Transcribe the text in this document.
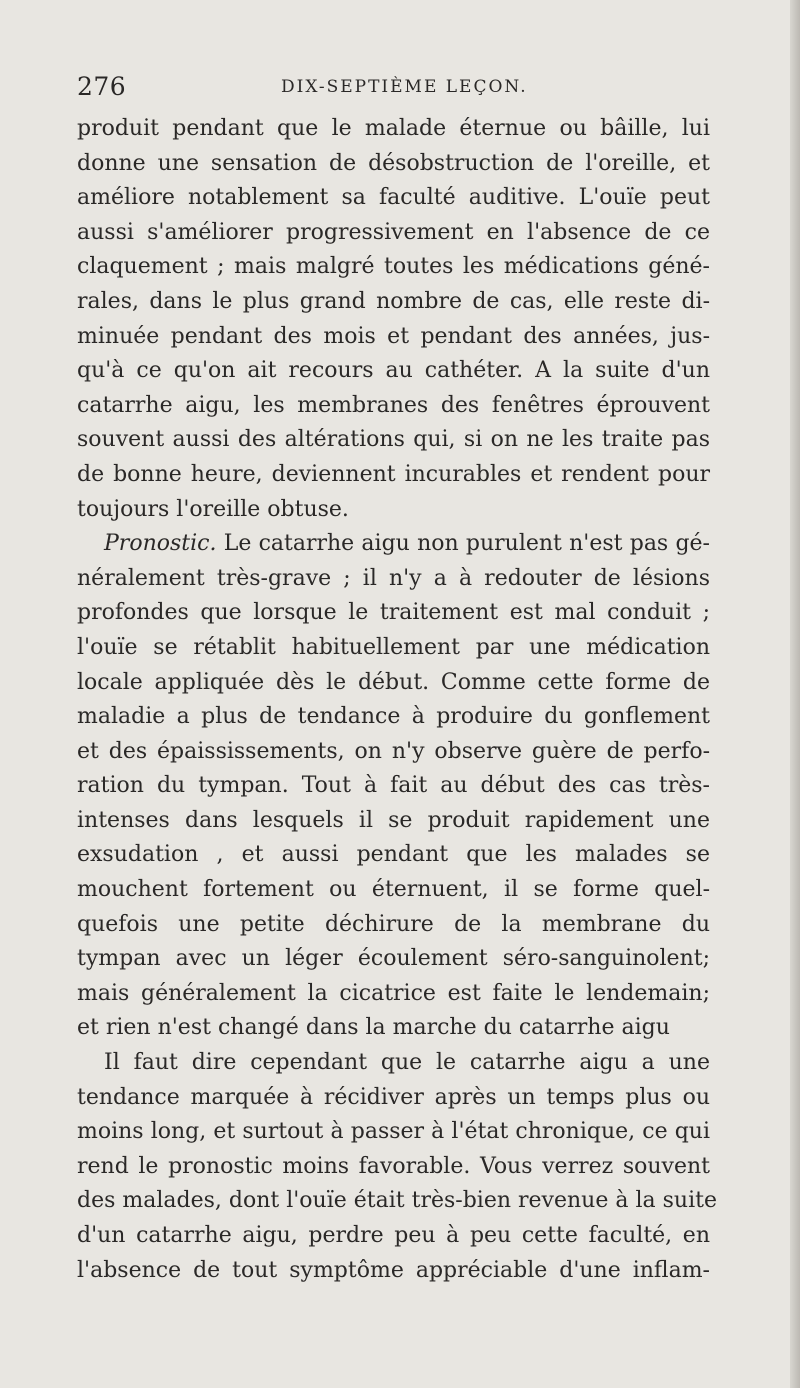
276	DIX-SEPTIÈME LEÇON.
produit pendant que le malade éternue ou bâille, lui
donne une sensation de désobstruction de l'oreille, et
améliore notablement sa faculté auditive. L'ouïe peut
aussi s'améliorer progressivement en l'absence de ce
claquement ; mais malgré toutes les médications géné-
rales, dans le plus grand nombre de cas, elle reste di-
minuée pendant des mois et pendant des années, jus-
qu'à ce qu'on ait recours au cathéter. A la suite d'un
catarrhe aigu, les membranes des fenêtres éprouvent
souvent aussi des altérations qui, si on ne les traite pas
de bonne heure, deviennent incurables et rendent pour
toujours l'oreille obtuse.
Pronostic. Le catarrhe aigu non purulent n'est pas gé-
néralement très-grave ; il n'y a à redouter de lésions
profondes que lorsque le traitement est mal conduit ;
l'ouïe se rétablit habituellement par une médication
locale appliquée dès le début. Comme cette forme de
maladie a plus de tendance à produire du gonflement
et des épaississements, on n'y observe guère de perfo-
ration du tympan. Tout à fait au début des cas très-
intenses dans lesquels il se produit rapidement une
exsudation , et aussi pendant que les malades se
mouchent fortement ou éternuent, il se forme quel-
quefois une petite déchirure de la membrane du
tympan avec un léger écoulement séro-sanguinolent;
mais généralement la cicatrice est faite le lendemain;
et rien n'est changé dans la marche du catarrhe aigu
Il faut dire cependant que le catarrhe aigu a une
tendance marquée à récidiver après un temps plus ou
moins long, et surtout à passer à l'état chronique, ce qui
rend le pronostic moins favorable. Vous verrez souvent
des malades, dont l'ouïe était très-bien revenue à la suite
d'un catarrhe aigu, perdre peu à peu cette faculté, en
l'absence de tout symptôme appréciable d'une inflam-
